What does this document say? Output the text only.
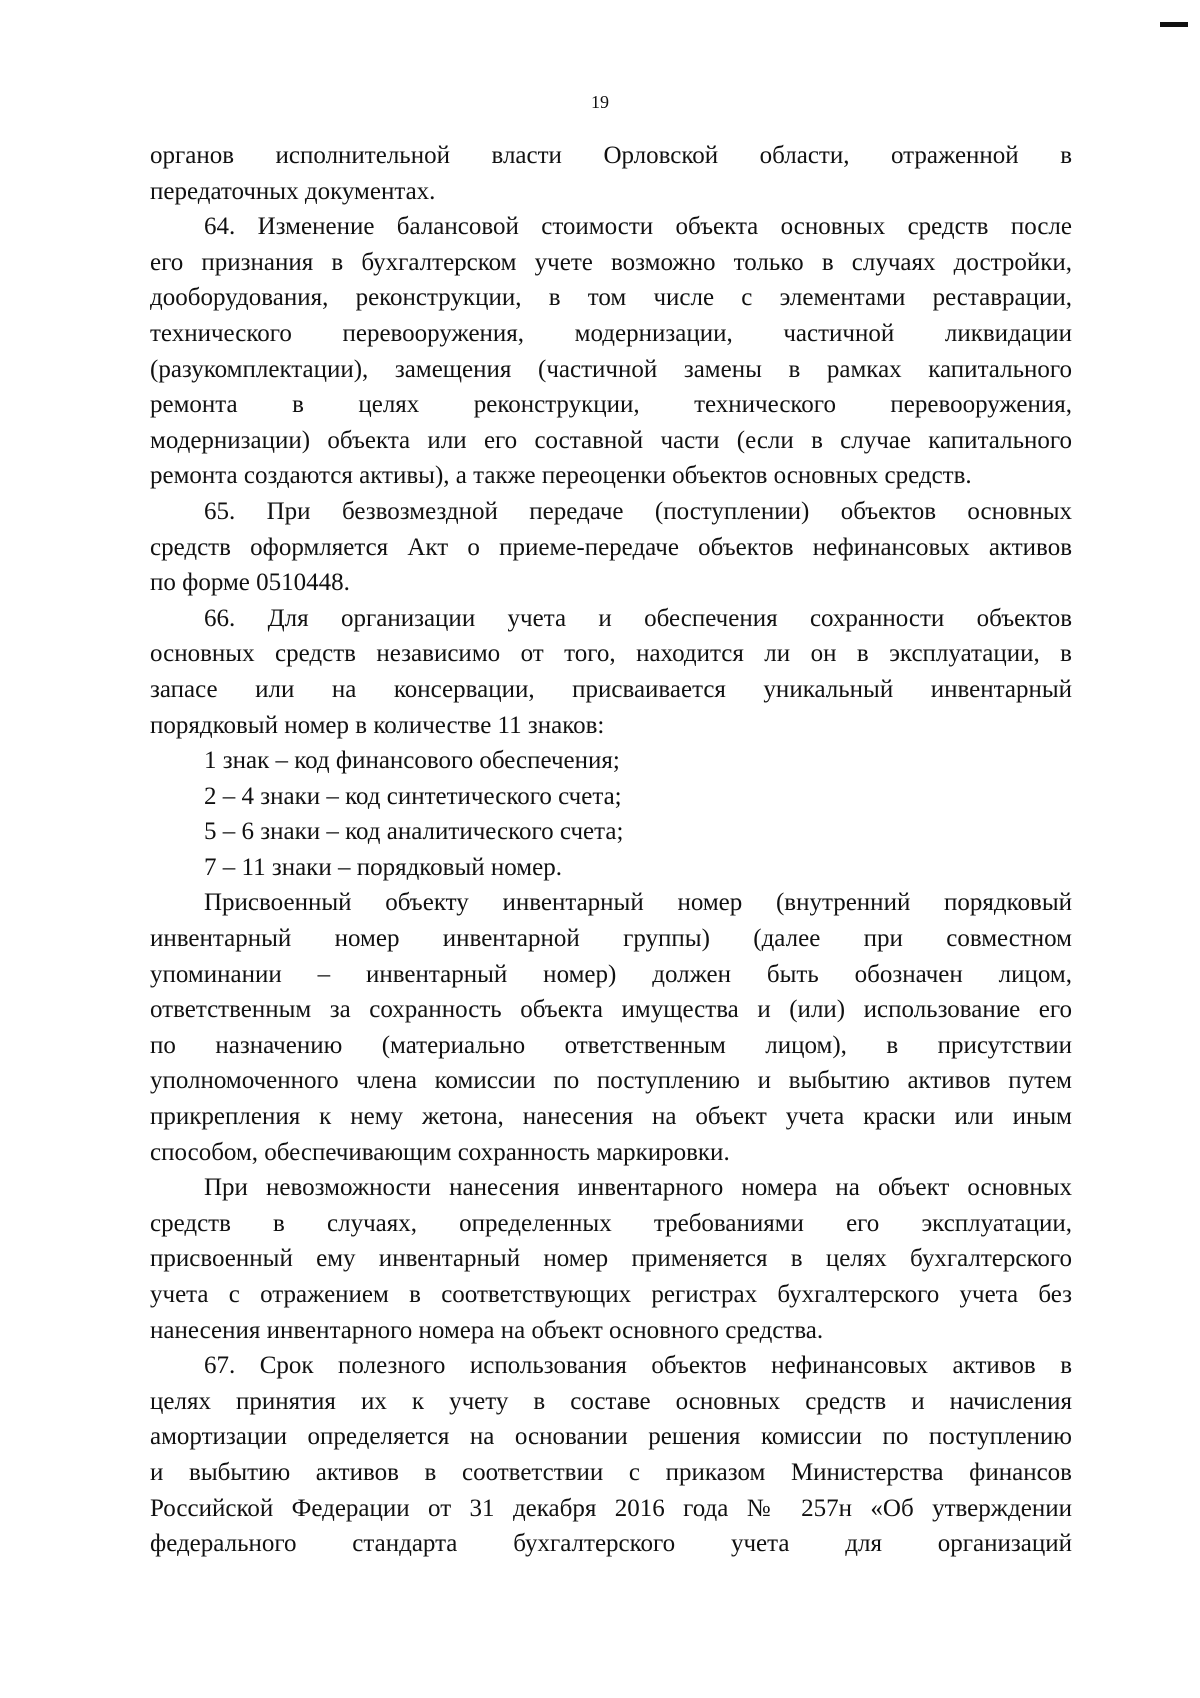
19

органов исполнительной власти Орловской области, отраженной в

передаточных документах.

64. Изменение балансовой стоимости объекта основных средств после

его признания в бухгалтерском учете возможно только в случаях достройки,

дооборудования, реконструкции, в том числе с элементами реставрации,

технического перевооружения, модернизации, частичной ликвидации

(разукомплектации), замещения (частичной замены в рамках капитального

ремонта в целях реконструкции, технического перевооружения,

модернизации) объекта или его составной части (если в случае капитального

ремонта создаются активы), а также переоценки объектов основных средств.

65. При безвозмездной передаче (поступлении) объектов основных

средств оформляется Акт о приеме-передаче объектов нефинансовых активов

по форме 0510448.

66. Для организации учета и обеспечения сохранности объектов

основных средств независимо от того, находится ли он в эксплуатации, в

запасе или на консервации, присваивается уникальный инвентарный

порядковый номер в количестве 11 знаков:

1 знак – код финансового обеспечения;

2 – 4 знаки – код синтетического счета;

5 – 6 знаки – код аналитического счета;

7 – 11 знаки – порядковый номер.

Присвоенный объекту инвентарный номер (внутренний порядковый

инвентарный номер инвентарной группы) (далее при совместном

упоминании – инвентарный номер) должен быть обозначен лицом,

ответственным за сохранность объекта имущества и (или) использование его

по назначению (материально ответственным лицом), в присутствии

уполномоченного члена комиссии по поступлению и выбытию активов путем

прикрепления к нему жетона, нанесения на объект учета краски или иным

способом, обеспечивающим сохранность маркировки.

При невозможности нанесения инвентарного номера на объект основных

средств в случаях, определенных требованиями его эксплуатации,

присвоенный ему инвентарный номер применяется в целях бухгалтерского

учета с отражением в соответствующих регистрах бухгалтерского учета без

нанесения инвентарного номера на объект основного средства.

67. Срок полезного использования объектов нефинансовых активов в

целях принятия их к учету в составе основных средств и начисления

амортизации определяется на основании решения комиссии по поступлению

и выбытию активов в соответствии с приказом Министерства финансов

Российской Федерации от 31 декабря 2016 года № 257н «Об утверждении

федерального стандарта бухгалтерского учета для организаций
